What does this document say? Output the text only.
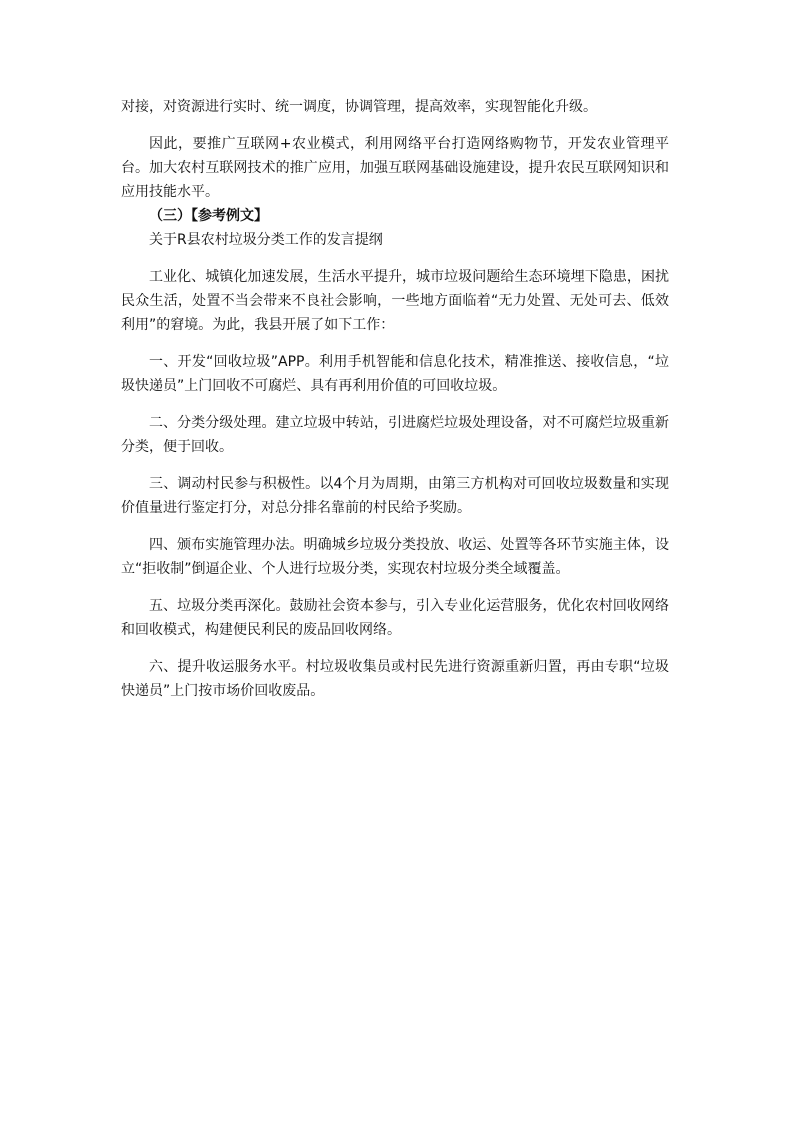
对接，对资源进行实时、统一调度，协调管理，提高效率，实现智能化升级。

因此，要推广互联网+农业模式，利用网络平台打造网络购物节，开发农业管理平台。加大农村互联网技术的推广应用，加强互联网基础设施建设，提升农民互联网知识和应用技能水平。

（三）【参考例文】

关于R县农村垃圾分类工作的发言提纲

工业化、城镇化加速发展，生活水平提升，城市垃圾问题给生态环境埋下隐患，困扰民众生活，处置不当会带来不良社会影响，一些地方面临着“无力处置、无处可去、低效利用”的窘境。为此，我县开展了如下工作：

一、开发“回收垃圾”APP。利用手机智能和信息化技术，精准推送、接收信息，“垃圾快递员”上门回收不可腐烂、具有再利用价值的可回收垃圾。

二、分类分级处理。建立垃圾中转站，引进腐烂垃圾处理设备，对不可腐烂垃圾重新分类，便于回收。

三、调动村民参与积极性。以4个月为周期，由第三方机构对可回收垃圾数量和实现价值量进行鉴定打分，对总分排名靠前的村民给予奖励。

四、颁布实施管理办法。明确城乡垃圾分类投放、收运、处置等各环节实施主体，设立“拒收制”倒逼企业、个人进行垃圾分类，实现农村垃圾分类全域覆盖。

五、垃圾分类再深化。鼓励社会资本参与，引入专业化运营服务，优化农村回收网络和回收模式，构建便民利民的废品回收网络。

六、提升收运服务水平。村垃圾收集员或村民先进行资源重新归置，再由专职“垃圾快递员”上门按市场价回收废品。
